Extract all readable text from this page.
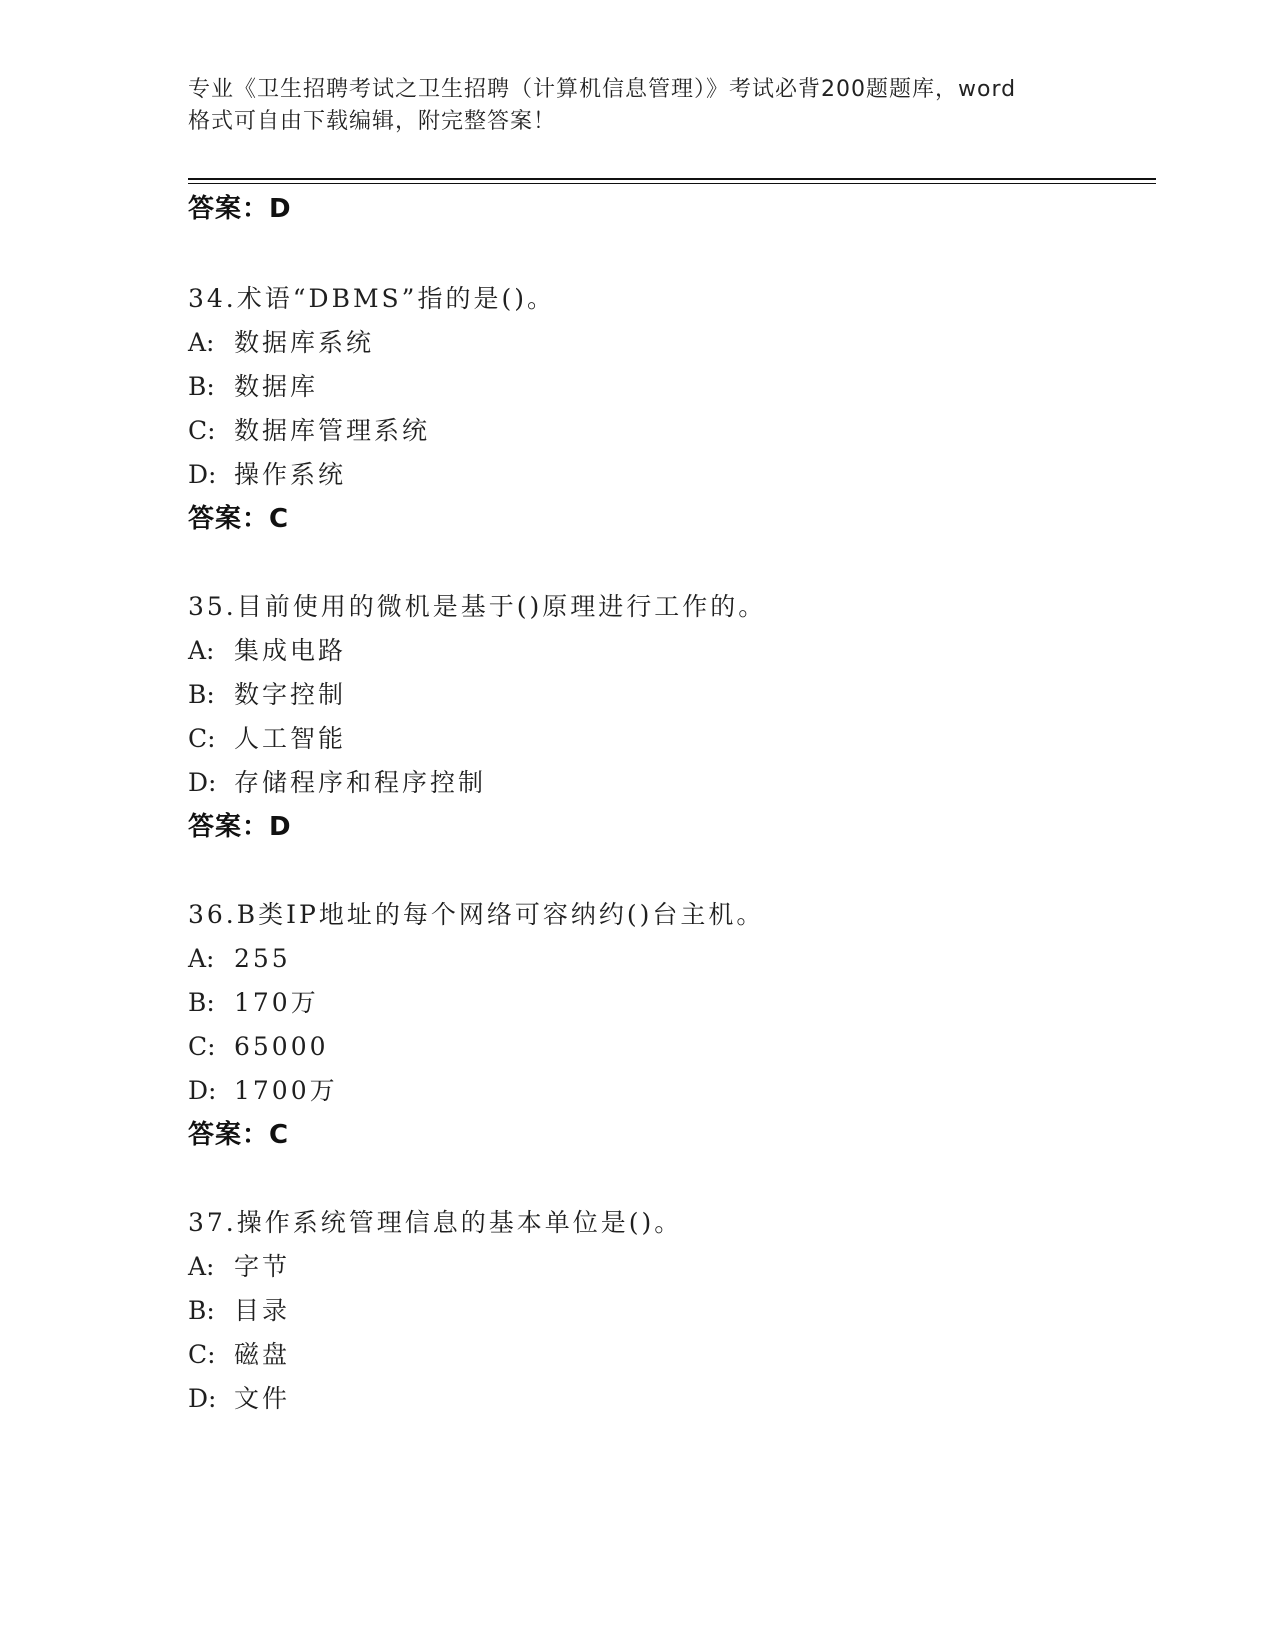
专业《卫生招聘考试之卫生招聘（计算机信息管理）》考试必背200题题库，word
格式可自由下载编辑，附完整答案！
答案：D
34.术语“DBMS”指的是()。
A: 数据库系统
B: 数据库
C: 数据库管理系统
D: 操作系统
答案：C
35.目前使用的微机是基于()原理进行工作的。
A: 集成电路
B: 数字控制
C: 人工智能
D: 存储程序和程序控制
答案：D
36.B类IP地址的每个网络可容纳约()台主机。
A: 255
B: 170万
C: 65000
D: 1700万
答案：C
37.操作系统管理信息的基本单位是()。
A: 字节
B: 目录
C: 磁盘
D: 文件
